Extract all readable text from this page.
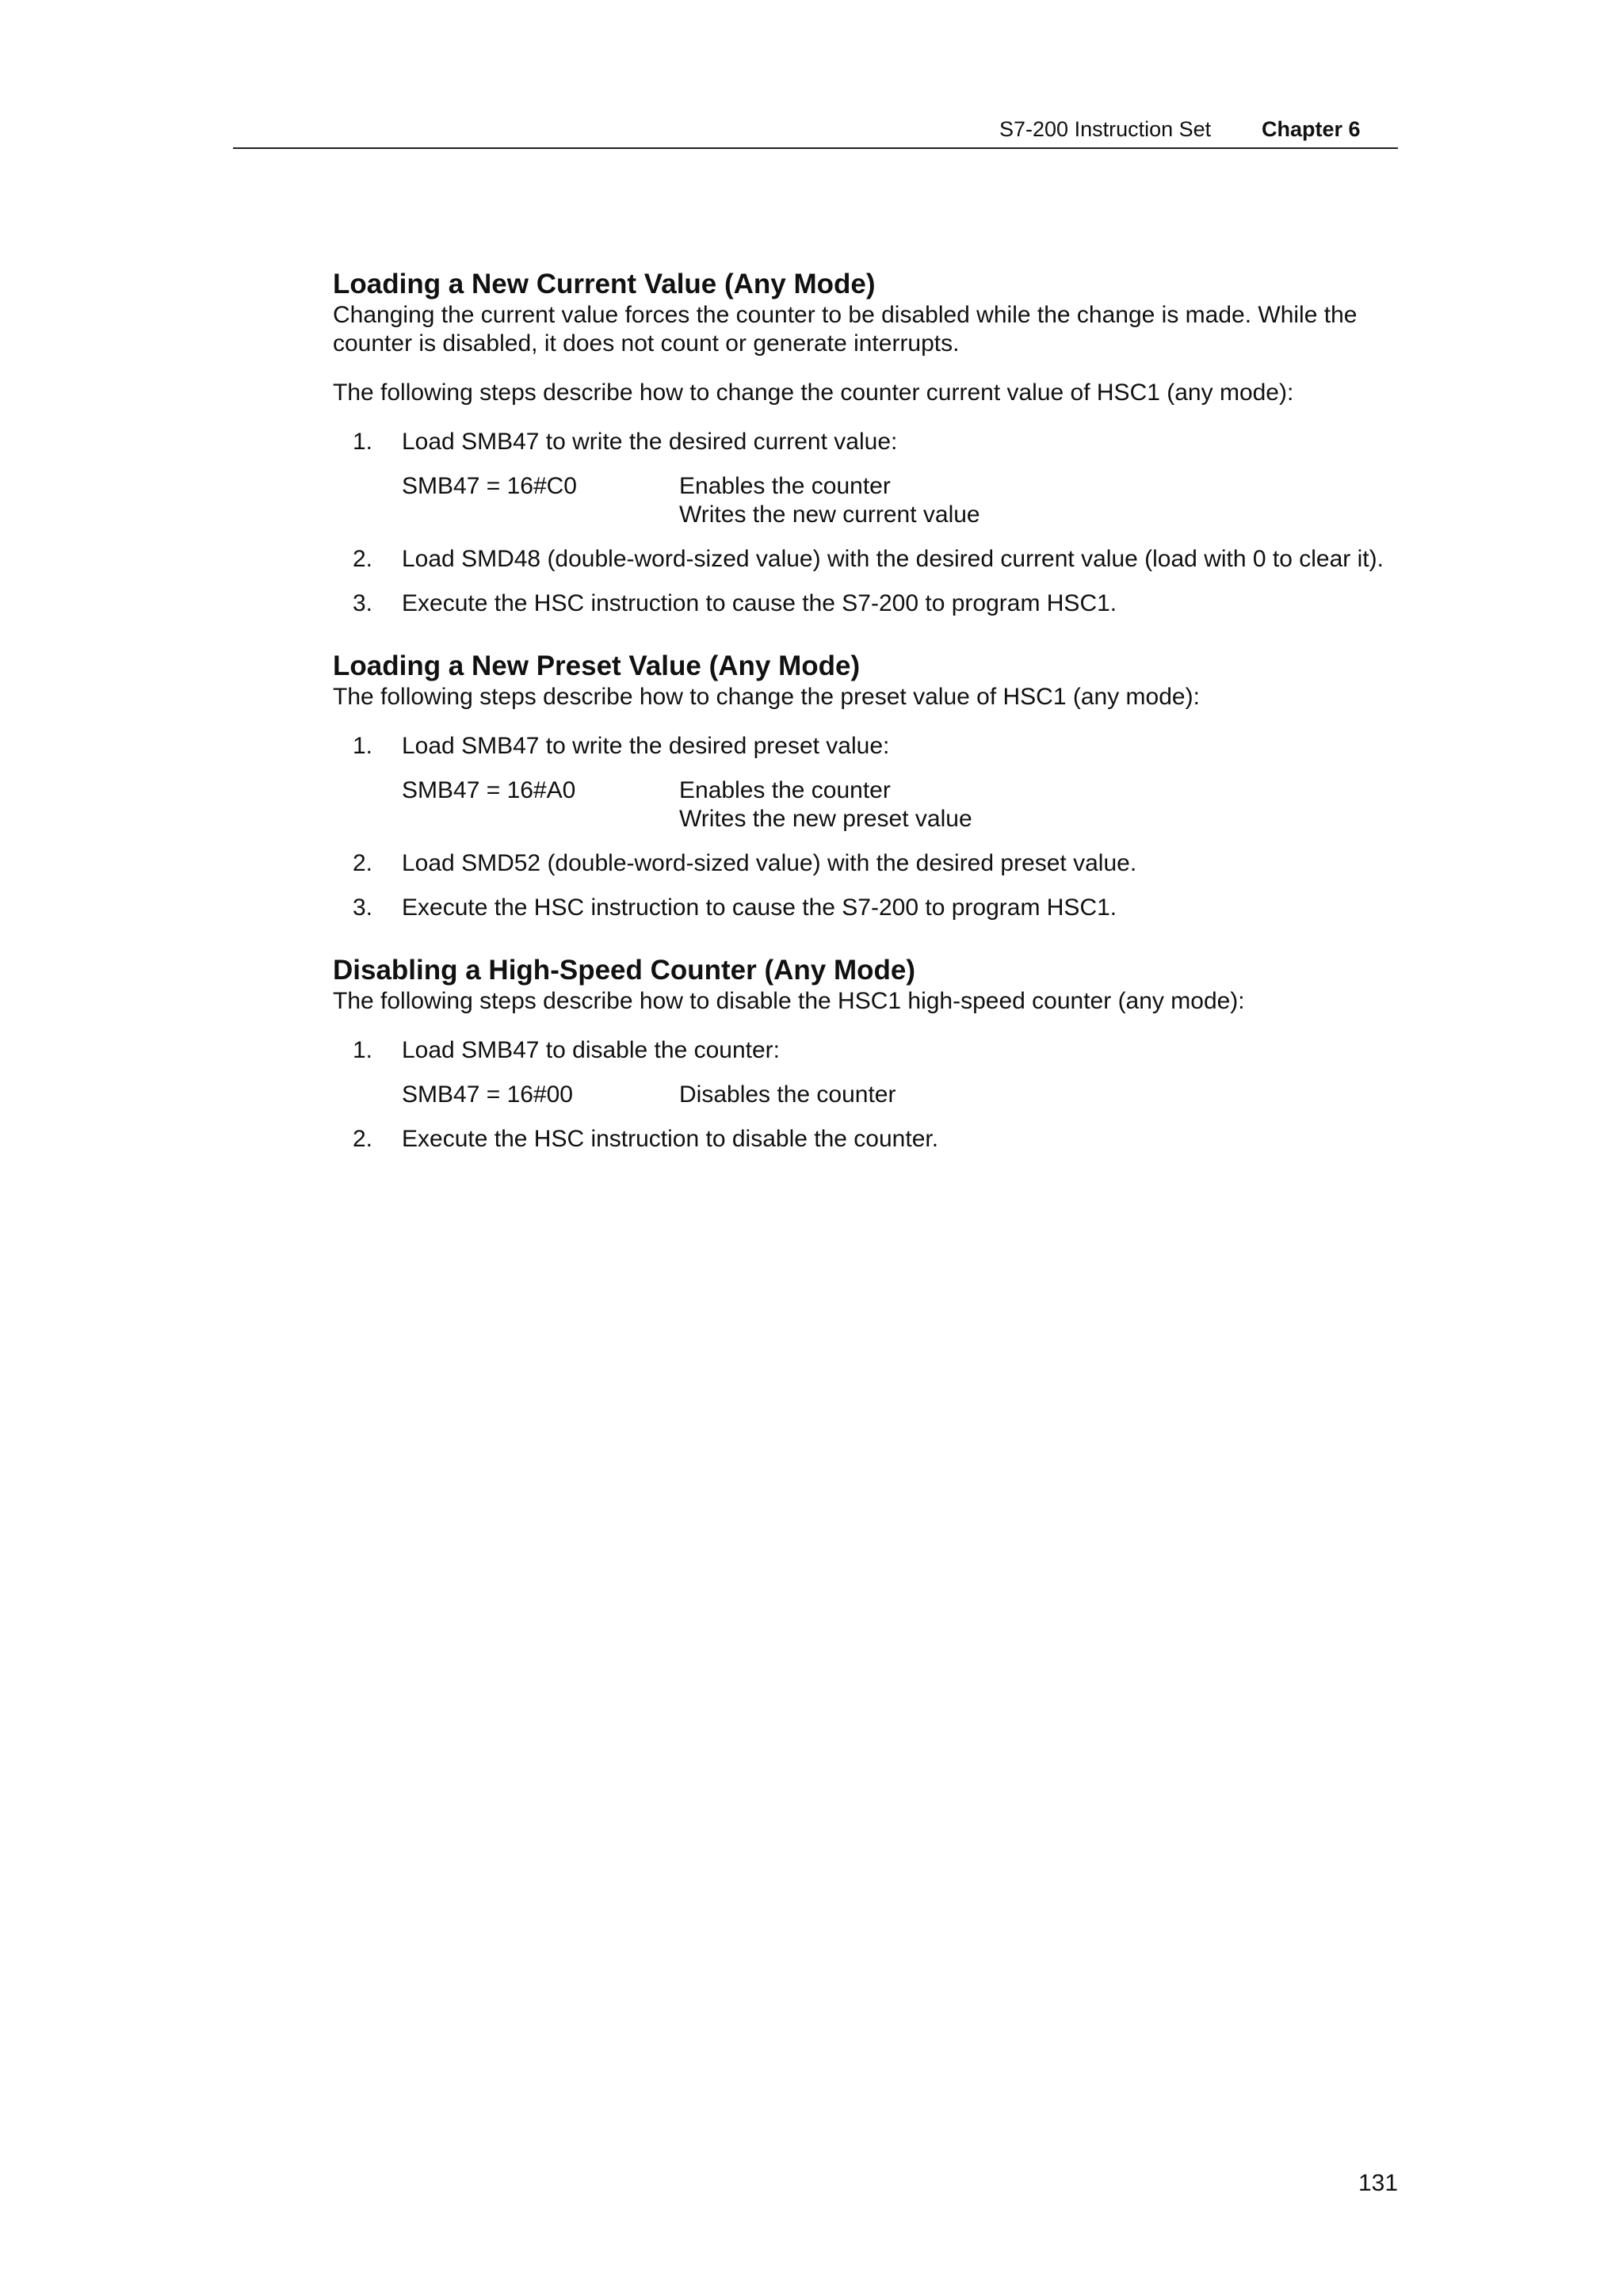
S7-200 Instruction Set Chapter 6
Loading a New Current Value (Any Mode)

Changing the current value forces the counter to be disabled while the change is made. While the counter is disabled, it does not count or generate interrupts.

The following steps describe how to change the counter current value of HSC1 (any mode):

1.	Load SMB47 to write the desired current value:
SMB47 = 16#C0	Enables the counter
Writes the new current value
2.	Load SMD48 (double-word-sized value) with the desired current value (load with 0 to clear it).
3.	Execute the HSC instruction to cause the S7-200 to program HSC1.
Loading a New Preset Value (Any Mode)

The following steps describe how to change the preset value of HSC1 (any mode):

1.	Load SMB47 to write the desired preset value:
SMB47 = 16#A0	Enables the counter
Writes the new preset value
2.	Load SMD52 (double-word-sized value) with the desired preset value.
3.	Execute the HSC instruction to cause the S7-200 to program HSC1.
Disabling a High-Speed Counter (Any Mode)

The following steps describe how to disable the HSC1 high-speed counter (any mode):

1.	Load SMB47 to disable the counter:
SMB47 = 16#00	Disables the counter
2.	Execute the HSC instruction to disable the counter.
131
